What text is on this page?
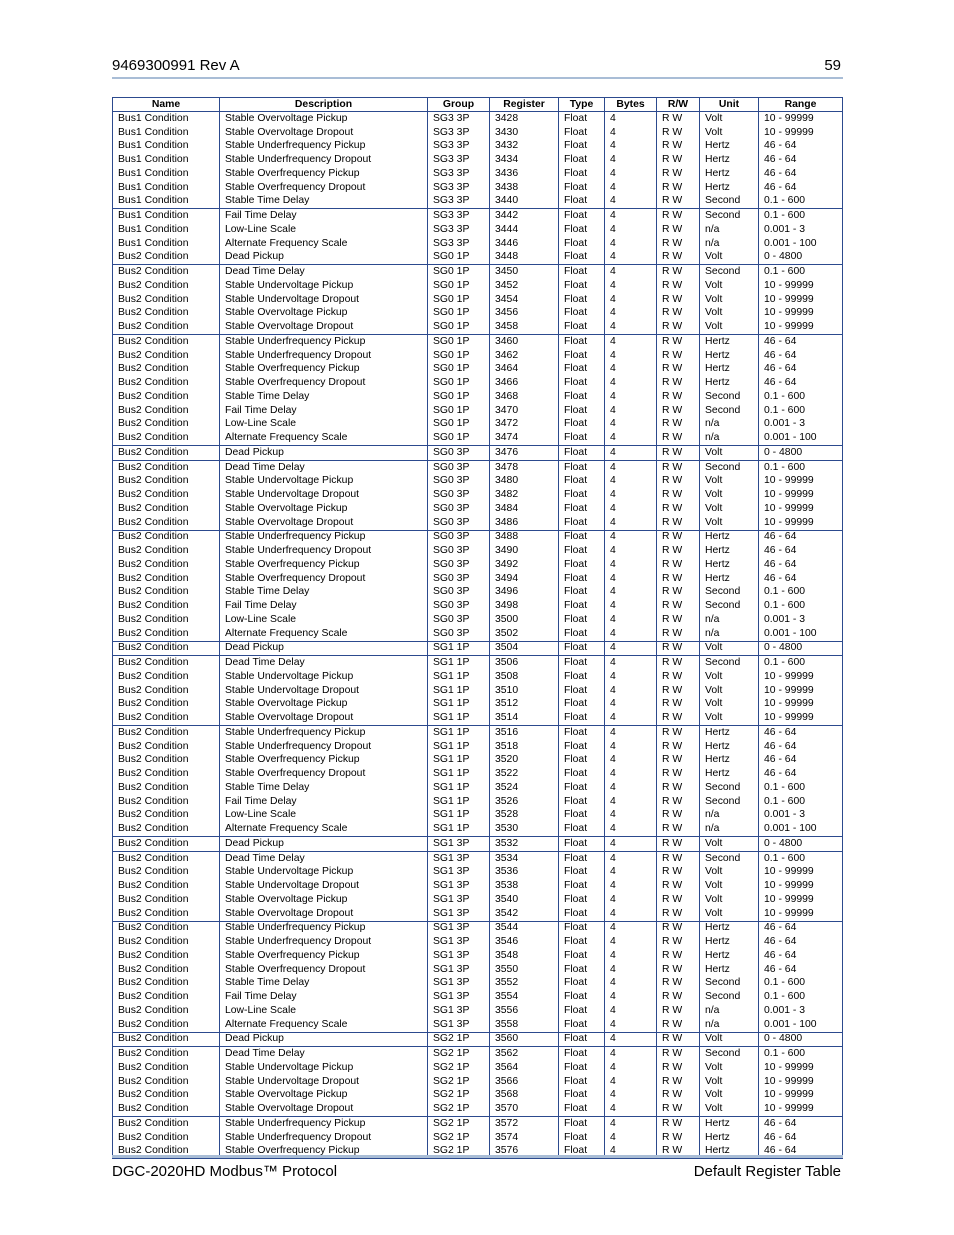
9469300991 Rev A	59
Name	Description	Group	Register	Type	Bytes	R/W	Unit	Range
Bus1 Condition	Stable Overvoltage Pickup	SG3 3P	3428	Float	4	R W	Volt	10 - 99999
Bus1 Condition	Stable Overvoltage Dropout	SG3 3P	3430	Float	4	R W	Volt	10 - 99999
Bus1 Condition	Stable Underfrequency Pickup	SG3 3P	3432	Float	4	R W	Hertz	46 - 64
Bus1 Condition	Stable Underfrequency Dropout	SG3 3P	3434	Float	4	R W	Hertz	46 - 64
Bus1 Condition	Stable Overfrequency Pickup	SG3 3P	3436	Float	4	R W	Hertz	46 - 64
Bus1 Condition	Stable Overfrequency Dropout	SG3 3P	3438	Float	4	R W	Hertz	46 - 64
Bus1 Condition	Stable Time Delay	SG3 3P	3440	Float	4	R W	Second	0.1 - 600
Bus1 Condition	Fail Time Delay	SG3 3P	3442	Float	4	R W	Second	0.1 - 600
Bus1 Condition	Low-Line Scale	SG3 3P	3444	Float	4	R W	n/a	0.001 - 3
Bus1 Condition	Alternate Frequency Scale	SG3 3P	3446	Float	4	R W	n/a	0.001 - 100
Bus2 Condition	Dead Pickup	SG0 1P	3448	Float	4	R W	Volt	0 - 4800
Bus2 Condition	Dead Time Delay	SG0 1P	3450	Float	4	R W	Second	0.1 - 600
Bus2 Condition	Stable Undervoltage Pickup	SG0 1P	3452	Float	4	R W	Volt	10 - 99999
Bus2 Condition	Stable Undervoltage Dropout	SG0 1P	3454	Float	4	R W	Volt	10 - 99999
Bus2 Condition	Stable Overvoltage Pickup	SG0 1P	3456	Float	4	R W	Volt	10 - 99999
Bus2 Condition	Stable Overvoltage Dropout	SG0 1P	3458	Float	4	R W	Volt	10 - 99999
Bus2 Condition	Stable Underfrequency Pickup	SG0 1P	3460	Float	4	R W	Hertz	46 - 64
Bus2 Condition	Stable Underfrequency Dropout	SG0 1P	3462	Float	4	R W	Hertz	46 - 64
Bus2 Condition	Stable Overfrequency Pickup	SG0 1P	3464	Float	4	R W	Hertz	46 - 64
Bus2 Condition	Stable Overfrequency Dropout	SG0 1P	3466	Float	4	R W	Hertz	46 - 64
Bus2 Condition	Stable Time Delay	SG0 1P	3468	Float	4	R W	Second	0.1 - 600
Bus2 Condition	Fail Time Delay	SG0 1P	3470	Float	4	R W	Second	0.1 - 600
Bus2 Condition	Low-Line Scale	SG0 1P	3472	Float	4	R W	n/a	0.001 - 3
Bus2 Condition	Alternate Frequency Scale	SG0 1P	3474	Float	4	R W	n/a	0.001 - 100
Bus2 Condition	Dead Pickup	SG0 3P	3476	Float	4	R W	Volt	0 - 4800
Bus2 Condition	Dead Time Delay	SG0 3P	3478	Float	4	R W	Second	0.1 - 600
Bus2 Condition	Stable Undervoltage Pickup	SG0 3P	3480	Float	4	R W	Volt	10 - 99999
Bus2 Condition	Stable Undervoltage Dropout	SG0 3P	3482	Float	4	R W	Volt	10 - 99999
Bus2 Condition	Stable Overvoltage Pickup	SG0 3P	3484	Float	4	R W	Volt	10 - 99999
Bus2 Condition	Stable Overvoltage Dropout	SG0 3P	3486	Float	4	R W	Volt	10 - 99999
Bus2 Condition	Stable Underfrequency Pickup	SG0 3P	3488	Float	4	R W	Hertz	46 - 64
Bus2 Condition	Stable Underfrequency Dropout	SG0 3P	3490	Float	4	R W	Hertz	46 - 64
Bus2 Condition	Stable Overfrequency Pickup	SG0 3P	3492	Float	4	R W	Hertz	46 - 64
Bus2 Condition	Stable Overfrequency Dropout	SG0 3P	3494	Float	4	R W	Hertz	46 - 64
Bus2 Condition	Stable Time Delay	SG0 3P	3496	Float	4	R W	Second	0.1 - 600
Bus2 Condition	Fail Time Delay	SG0 3P	3498	Float	4	R W	Second	0.1 - 600
Bus2 Condition	Low-Line Scale	SG0 3P	3500	Float	4	R W	n/a	0.001 - 3
Bus2 Condition	Alternate Frequency Scale	SG0 3P	3502	Float	4	R W	n/a	0.001 - 100
Bus2 Condition	Dead Pickup	SG1 1P	3504	Float	4	R W	Volt	0 - 4800
Bus2 Condition	Dead Time Delay	SG1 1P	3506	Float	4	R W	Second	0.1 - 600
Bus2 Condition	Stable Undervoltage Pickup	SG1 1P	3508	Float	4	R W	Volt	10 - 99999
Bus2 Condition	Stable Undervoltage Dropout	SG1 1P	3510	Float	4	R W	Volt	10 - 99999
Bus2 Condition	Stable Overvoltage Pickup	SG1 1P	3512	Float	4	R W	Volt	10 - 99999
Bus2 Condition	Stable Overvoltage Dropout	SG1 1P	3514	Float	4	R W	Volt	10 - 99999
Bus2 Condition	Stable Underfrequency Pickup	SG1 1P	3516	Float	4	R W	Hertz	46 - 64
Bus2 Condition	Stable Underfrequency Dropout	SG1 1P	3518	Float	4	R W	Hertz	46 - 64
Bus2 Condition	Stable Overfrequency Pickup	SG1 1P	3520	Float	4	R W	Hertz	46 - 64
Bus2 Condition	Stable Overfrequency Dropout	SG1 1P	3522	Float	4	R W	Hertz	46 - 64
Bus2 Condition	Stable Time Delay	SG1 1P	3524	Float	4	R W	Second	0.1 - 600
Bus2 Condition	Fail Time Delay	SG1 1P	3526	Float	4	R W	Second	0.1 - 600
Bus2 Condition	Low-Line Scale	SG1 1P	3528	Float	4	R W	n/a	0.001 - 3
Bus2 Condition	Alternate Frequency Scale	SG1 1P	3530	Float	4	R W	n/a	0.001 - 100
Bus2 Condition	Dead Pickup	SG1 3P	3532	Float	4	R W	Volt	0 - 4800
Bus2 Condition	Dead Time Delay	SG1 3P	3534	Float	4	R W	Second	0.1 - 600
Bus2 Condition	Stable Undervoltage Pickup	SG1 3P	3536	Float	4	R W	Volt	10 - 99999
Bus2 Condition	Stable Undervoltage Dropout	SG1 3P	3538	Float	4	R W	Volt	10 - 99999
Bus2 Condition	Stable Overvoltage Pickup	SG1 3P	3540	Float	4	R W	Volt	10 - 99999
Bus2 Condition	Stable Overvoltage Dropout	SG1 3P	3542	Float	4	R W	Volt	10 - 99999
Bus2 Condition	Stable Underfrequency Pickup	SG1 3P	3544	Float	4	R W	Hertz	46 - 64
Bus2 Condition	Stable Underfrequency Dropout	SG1 3P	3546	Float	4	R W	Hertz	46 - 64
Bus2 Condition	Stable Overfrequency Pickup	SG1 3P	3548	Float	4	R W	Hertz	46 - 64
Bus2 Condition	Stable Overfrequency Dropout	SG1 3P	3550	Float	4	R W	Hertz	46 - 64
Bus2 Condition	Stable Time Delay	SG1 3P	3552	Float	4	R W	Second	0.1 - 600
Bus2 Condition	Fail Time Delay	SG1 3P	3554	Float	4	R W	Second	0.1 - 600
Bus2 Condition	Low-Line Scale	SG1 3P	3556	Float	4	R W	n/a	0.001 - 3
Bus2 Condition	Alternate Frequency Scale	SG1 3P	3558	Float	4	R W	n/a	0.001 - 100
Bus2 Condition	Dead Pickup	SG2 1P	3560	Float	4	R W	Volt	0 - 4800
Bus2 Condition	Dead Time Delay	SG2 1P	3562	Float	4	R W	Second	0.1 - 600
Bus2 Condition	Stable Undervoltage Pickup	SG2 1P	3564	Float	4	R W	Volt	10 - 99999
Bus2 Condition	Stable Undervoltage Dropout	SG2 1P	3566	Float	4	R W	Volt	10 - 99999
Bus2 Condition	Stable Overvoltage Pickup	SG2 1P	3568	Float	4	R W	Volt	10 - 99999
Bus2 Condition	Stable Overvoltage Dropout	SG2 1P	3570	Float	4	R W	Volt	10 - 99999
Bus2 Condition	Stable Underfrequency Pickup	SG2 1P	3572	Float	4	R W	Hertz	46 - 64
Bus2 Condition	Stable Underfrequency Dropout	SG2 1P	3574	Float	4	R W	Hertz	46 - 64
Bus2 Condition	Stable Overfrequency Pickup	SG2 1P	3576	Float	4	R W	Hertz	46 - 64
DGC-2020HD Modbus™ Protocol	Default Register Table
